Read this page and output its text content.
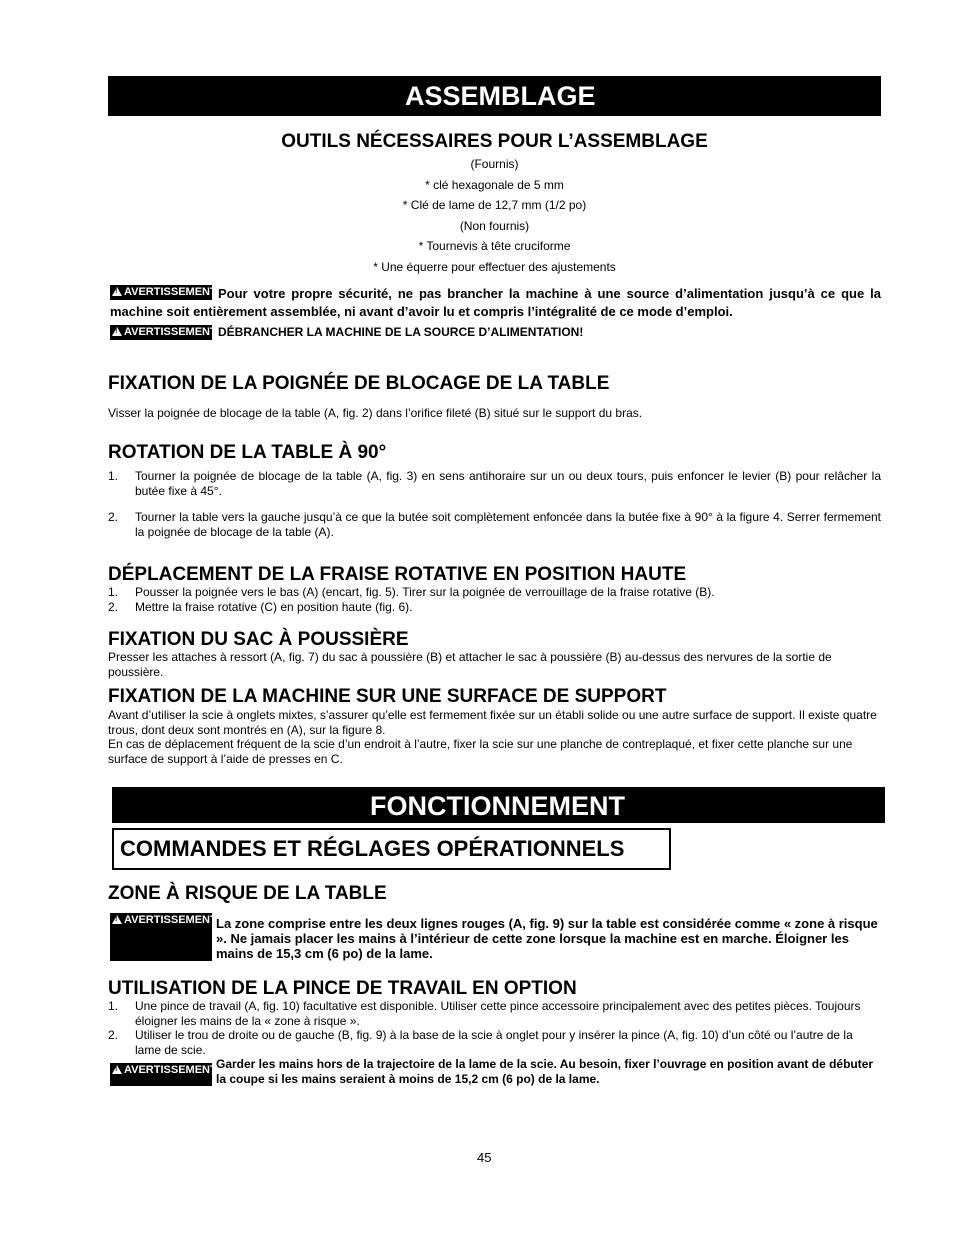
ASSEMBLAGE
OUTILS NÉCESSAIRES POUR L’ASSEMBLAGE
(Fournis)
* clé hexagonale de 5 mm
* Clé de lame de 12,7 mm (1/2 po)
(Non fournis)
* Tournevis à tête cruciforme
* Une équerre pour effectuer des ajustements
!AVERTISSEMENTPour votre propre sécurité, ne pas brancher la machine à une source d’alimentation jusqu’à ce que la machine soit entièrement assemblée, ni avant d’avoir lu et compris l’intégralité de ce mode d’emploi.
!AVERTISSEMENTDÉBRANCHER LA MACHINE DE LA SOURCE D’ALIMENTATION!
FIXATION DE LA POIGNÉE DE BLOCAGE DE LA TABLE
Visser la poignée de blocage de la table (A, fig. 2) dans l’orifice fileté (B) situé sur le support du bras.
ROTATION DE LA TABLE À 90°
1.	Tourner la poignée de blocage de la table (A, fig. 3) en sens antihoraire sur un ou deux tours, puis enfoncer le levier (B) pour relâcher la butée fixe à 45°.
2.	Tourner la table vers la gauche jusqu’à ce que la butée soit complètement enfoncée dans la butée fixe à 90° à la figure 4. Serrer fermement la poignée de blocage de la table (A).
DÉPLACEMENT DE LA FRAISE ROTATIVE EN POSITION HAUTE
1.	Pousser la poignée vers le bas (A) (encart, fig. 5). Tirer sur la poignée de verrouillage de la fraise rotative (B).
2.	Mettre la fraise rotative (C) en position haute (fig. 6).
FIXATION DU SAC À POUSSIÈRE
Presser les attaches à ressort (A, fig. 7) du sac à poussière (B) et attacher le sac à poussière (B) au-dessus des nervures de la sortie de poussière.
FIXATION DE LA MACHINE SUR UNE SURFACE DE SUPPORT
Avant d’utiliser la scie à onglets mixtes, s’assurer qu’elle est fermement fixée sur un établi solide ou une autre surface de support. Il existe quatre trous, dont deux sont montrés en (A), sur la figure 8.
En cas de déplacement fréquent de la scie d’un endroit à l’autre, fixer la scie sur une planche de contreplaqué, et fixer cette planche sur une surface de support à l’aide de presses en C.
FONCTIONNEMENT
COMMANDES ET RÉGLAGES OPÉRATIONNELS
ZONE À RISQUE DE LA TABLE
!AVERTISSEMENT La zone comprise entre les deux lignes rouges (A, fig. 9) sur la table est considérée comme « zone à risque ». Ne jamais placer les mains à l’intérieur de cette zone lorsque la machine est en marche. Éloigner les mains de 15,3 cm (6 po) de la lame.
UTILISATION DE LA PINCE DE TRAVAIL EN OPTION
1.	Une pince de travail (A, fig. 10) facultative est disponible. Utiliser cette pince accessoire principalement avec des petites pièces. Toujours éloigner les mains de la « zone à risque ».
2.	Utiliser le trou de droite ou de gauche (B, fig. 9) à la base de la scie à onglet pour y insérer la pince (A, fig. 10) d’un côté ou l’autre de la lame de scie.
!AVERTISSEMENT Garder les mains hors de la trajectoire de la lame de la scie. Au besoin, fixer l’ouvrage en position avant de débuter la coupe si les mains seraient à moins de 15,2 cm (6 po) de la lame.
45
